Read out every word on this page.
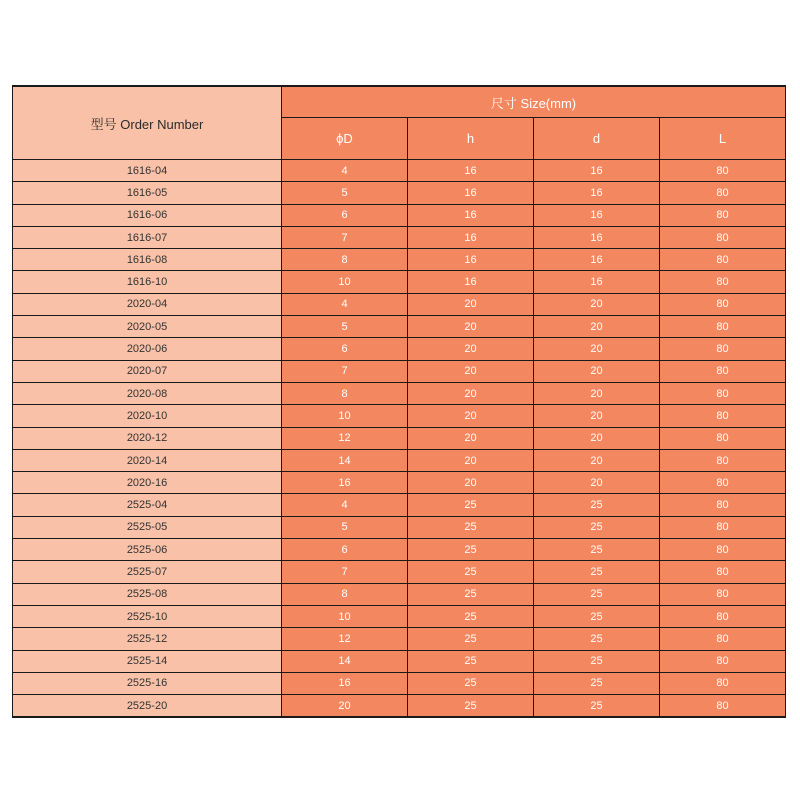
型号 Order Number	尺寸 Size(mm)			
	ϕD	h	d	L
1616-04	4	16	16	80
1616-05	5	16	16	80
1616-06	6	16	16	80
1616-07	7	16	16	80
1616-08	8	16	16	80
1616-10	10	16	16	80
2020-04	4	20	20	80
2020-05	5	20	20	80
2020-06	6	20	20	80
2020-07	7	20	20	80
2020-08	8	20	20	80
2020-10	10	20	20	80
2020-12	12	20	20	80
2020-14	14	20	20	80
2020-16	16	20	20	80
2525-04	4	25	25	80
2525-05	5	25	25	80
2525-06	6	25	25	80
2525-07	7	25	25	80
2525-08	8	25	25	80
2525-10	10	25	25	80
2525-12	12	25	25	80
2525-14	14	25	25	80
2525-16	16	25	25	80
2525-20	20	25	25	80
